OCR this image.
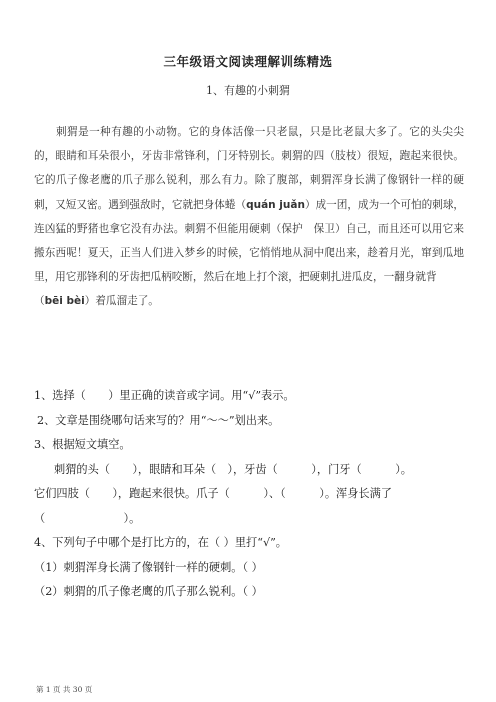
三年级语文阅读理解训练精选
1、有趣的小刺猬

刺猬是一种有趣的小动物。它的身体活像一只老鼠，只是比老鼠大多了。它的头尖尖的，眼睛和耳朵很小，牙齿非常锋利，门牙特别长。刺猬的四（肢枝）很短，跑起来很快。它的爪子像老鹰的爪子那么锐利，那么有力。除了腹部，刺猬浑身长满了像钢针一样的硬刺，又短又密。遇到强敌时，它就把身体蜷（quán juǎn）成一团，成为一个可怕的刺球，连凶猛的野猪也拿它没有办法。刺猬不但能用硬刺（保护　保卫）自己，而且还可以用它来搬东西呢！夏天，正当人们进入梦乡的时候，它悄悄地从洞中爬出来，趁着月光，窜到瓜地里，用它那锋利的牙齿把瓜柄咬断，然后在地上打个滚，把硬刺扎进瓜皮，一翻身就背

（bēi bèi）着瓜溜走了。

1、选择（　　）里正确的读音或字词。用“√”表示。

2、文章是围绕哪句话来写的？用“～～”划出来。

3、根据短文填空。

刺猬的头（　　），眼睛和耳朵（　），牙齿（　　　），门牙（　　　）。

它们四肢（　　），跑起来很快。爪子（　　　）、（　　　）。浑身长满了

（　　　　　　　）。

4、下列句子中哪个是打比方的，在（ ）里打“√”。

（1）刺猬浑身长满了像钢针一样的硬刺。（ ）

（2）刺猬的爪子像老鹰的爪子那么锐利。（ ）

第 1 页 共 30 页
